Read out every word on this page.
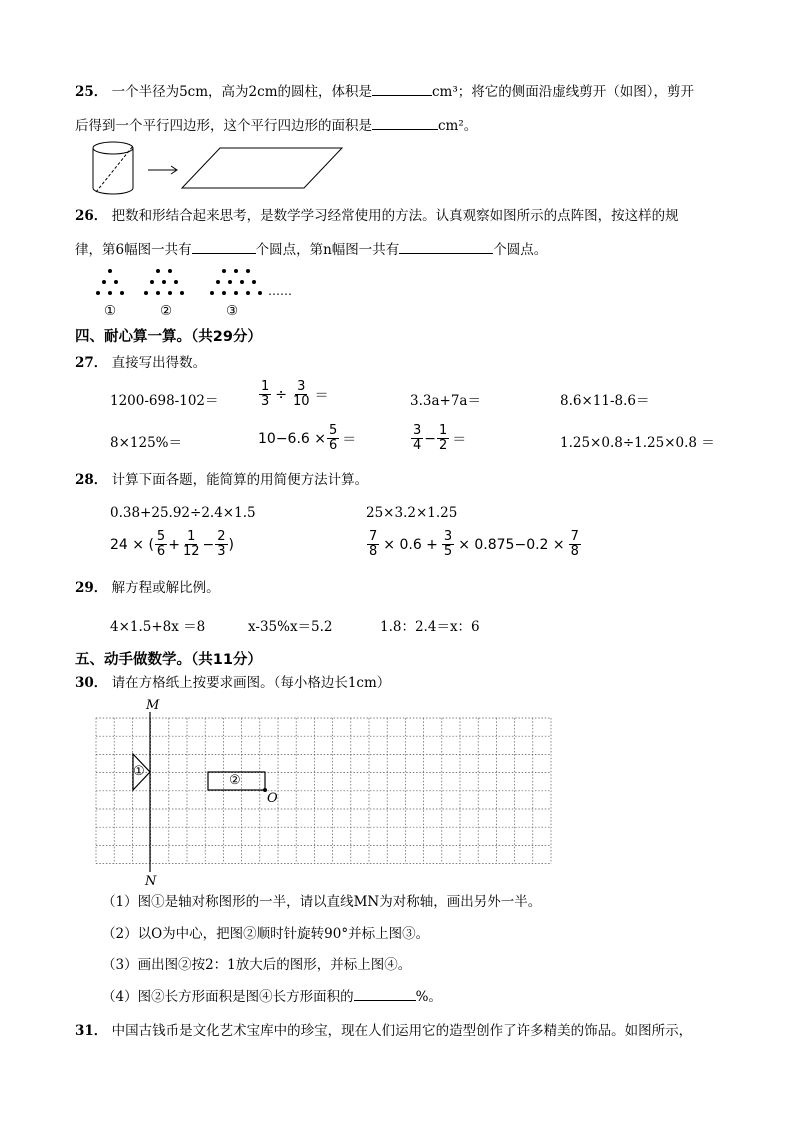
25． 一个半径为5cm，高为2cm的圆柱，体积是	cm³；将它的侧面沿虚线剪开（如图），剪开
后得到一个平行四边形，这个平行四边形的面积是	cm²。
26． 把数和形结合起来思考，是数学学习经常使用的方法。认真观察如图所示的点阵图，按这样的规
律，第6幅图一共有	个圆点，第n幅图一共有	个圆点。
……
①	②	③
四、耐心算一算。（共29分）
27． 直接写出得数。
1200-698-102＝	$\frac{1}{3} \div \frac{3}{10}$ ＝	3.3a+7a＝	8.6×11-8.6＝
8×125%＝	$10-6.6 \times \frac{5}{6}$ ＝	$\frac{3}{4} - \frac{1}{2}$ ＝	1.25×0.8÷1.25×0.8 ＝
28． 计算下面各题，能简算的用简便方法计算。
0.38+25.92÷2.4×1.5	25×3.2×1.25
24 × ( $\frac{5}{6} + \frac{1}{12} - \frac{2}{3}$ )	$\frac{7}{8} \times 0.6 + \frac{3}{5} \times 0.875-0.2 \times \frac{7}{8}$
29． 解方程或解比例。
4×1.5+8x ＝8	x-35%x＝5.2	1.8：2.4＝x：6
五、动手做数学。（共11分）
30． 请在方格纸上按要求画图。（每小格边长1cm）
M
N
O
①
②
（1）图①是轴对称图形的一半，请以直线MN为对称轴，画出另外一半。
（2）以O为中心，把图②顺时针旋转90°并标上图③。
（3）画出图②按2：1放大后的图形，并标上图④。
（4）图②长方形面积是图④长方形面积的	%。
31． 中国古钱币是文化艺术宝库中的珍宝，现在人们运用它的造型创作了许多精美的饰品。如图所示，
